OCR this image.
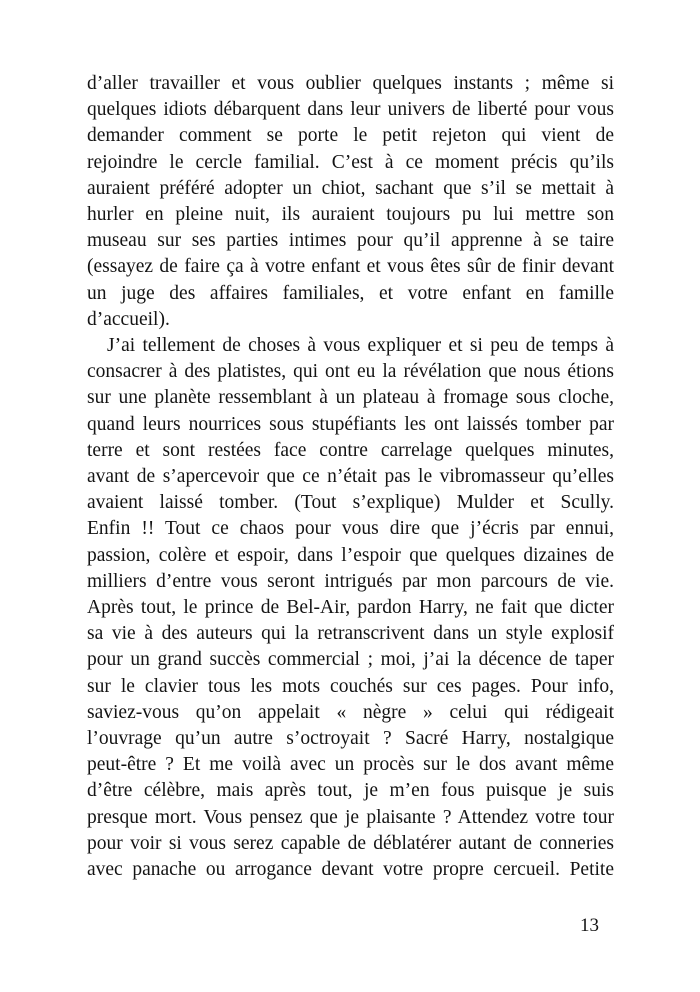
d’aller travailler et vous oublier quelques instants ; même si
quelques idiots débarquent dans leur univers de liberté pour vous
demander comment se porte le petit rejeton qui vient de
rejoindre le cercle familial. C’est à ce moment précis qu’ils
auraient préféré adopter un chiot, sachant que s’il se mettait à
hurler en pleine nuit, ils auraient toujours pu lui mettre son
museau sur ses parties intimes pour qu’il apprenne à se taire
(essayez de faire ça à votre enfant et vous êtes sûr de finir devant
un juge des affaires familiales, et votre enfant en famille
d’accueil).
J’ai tellement de choses à vous expliquer et si peu de temps à
consacrer à des platistes, qui ont eu la révélation que nous étions
sur une planète ressemblant à un plateau à fromage sous cloche,
quand leurs nourrices sous stupéfiants les ont laissés tomber par
terre et sont restées face contre carrelage quelques minutes,
avant de s’apercevoir que ce n’était pas le vibromasseur qu’elles
avaient laissé tomber. (Tout s’explique) Mulder et Scully.
Enfin !! Tout ce chaos pour vous dire que j’écris par ennui,
passion, colère et espoir, dans l’espoir que quelques dizaines de
milliers d’entre vous seront intrigués par mon parcours de vie.
Après tout, le prince de Bel-Air, pardon Harry, ne fait que dicter
sa vie à des auteurs qui la retranscrivent dans un style explosif
pour un grand succès commercial ; moi, j’ai la décence de taper
sur le clavier tous les mots couchés sur ces pages. Pour info,
saviez-vous qu’on appelait « nègre » celui qui rédigeait
l’ouvrage qu’un autre s’octroyait ? Sacré Harry, nostalgique
peut-être ? Et me voilà avec un procès sur le dos avant même
d’être célèbre, mais après tout, je m’en fous puisque je suis
presque mort. Vous pensez que je plaisante ? Attendez votre tour
pour voir si vous serez capable de déblatérer autant de conneries
avec panache ou arrogance devant votre propre cercueil. Petite
13
